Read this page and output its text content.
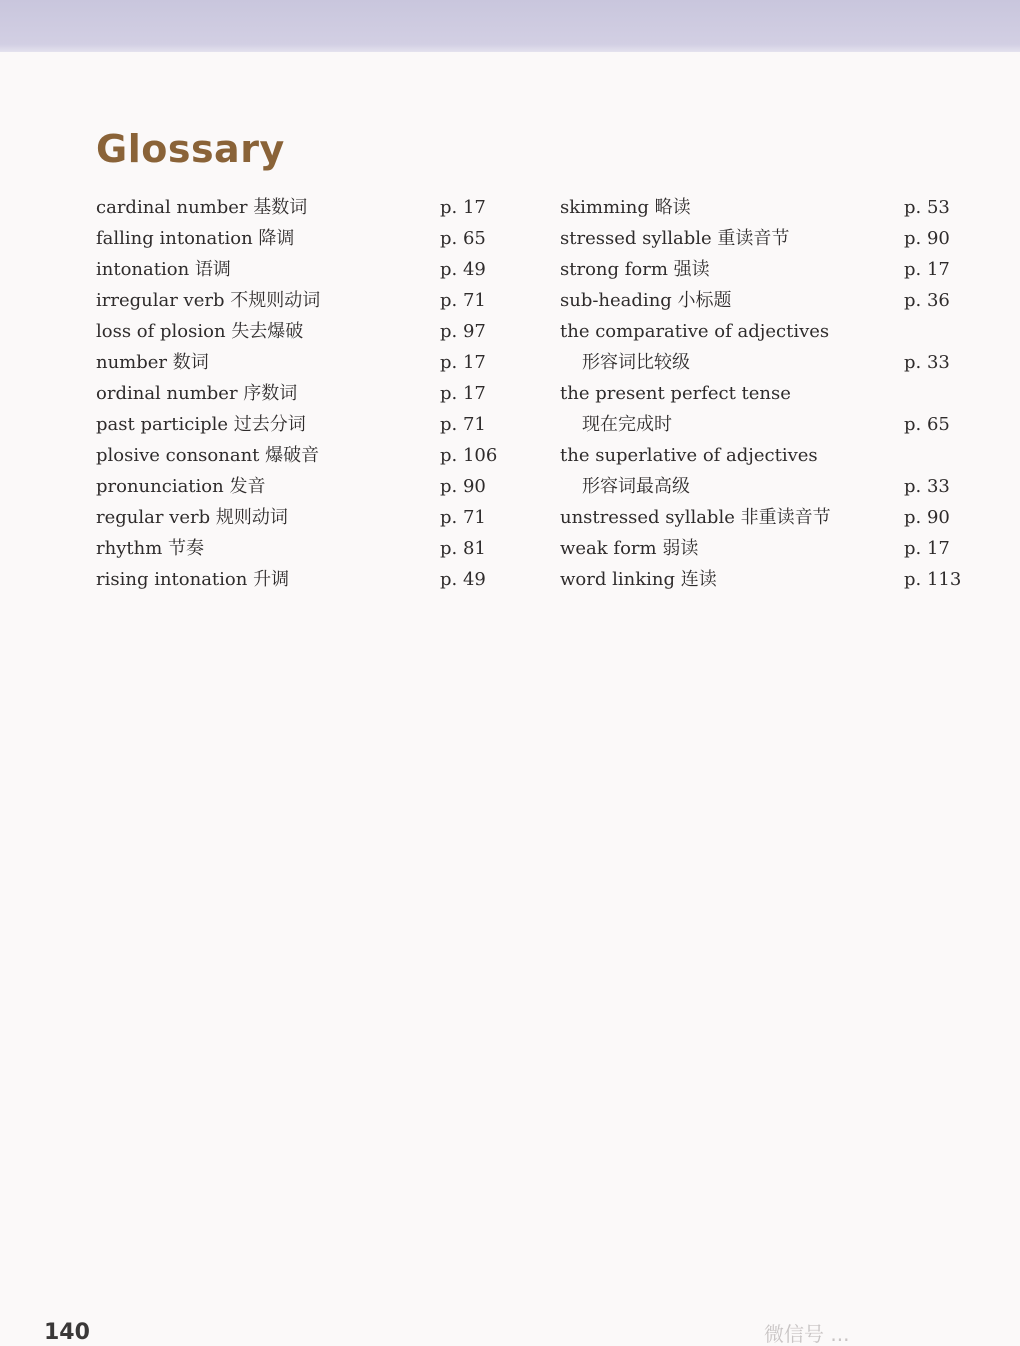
Glossary
cardinal number 基数词	p. 17
falling intonation 降调	p. 65
intonation 语调	p. 49
irregular verb 不规则动词	p. 71
loss of plosion 失去爆破	p. 97
number 数词	p. 17
ordinal number 序数词	p. 17
past participle 过去分词	p. 71
plosive consonant 爆破音	p. 106
pronunciation 发音	p. 90
regular verb 规则动词	p. 71
rhythm 节奏	p. 81
rising intonation 升调	p. 49
skimming 略读	p. 53
stressed syllable 重读音节	p. 90
strong form 强读	p. 17
sub-heading 小标题	p. 36
the comparative of adjectives
形容词比较级	p. 33
the present perfect tense
现在完成时	p. 65
the superlative of adjectives
形容词最高级	p. 33
unstressed syllable 非重读音节	p. 90
weak form 弱读	p. 17
word linking 连读	p. 113
140	微信号 ...
